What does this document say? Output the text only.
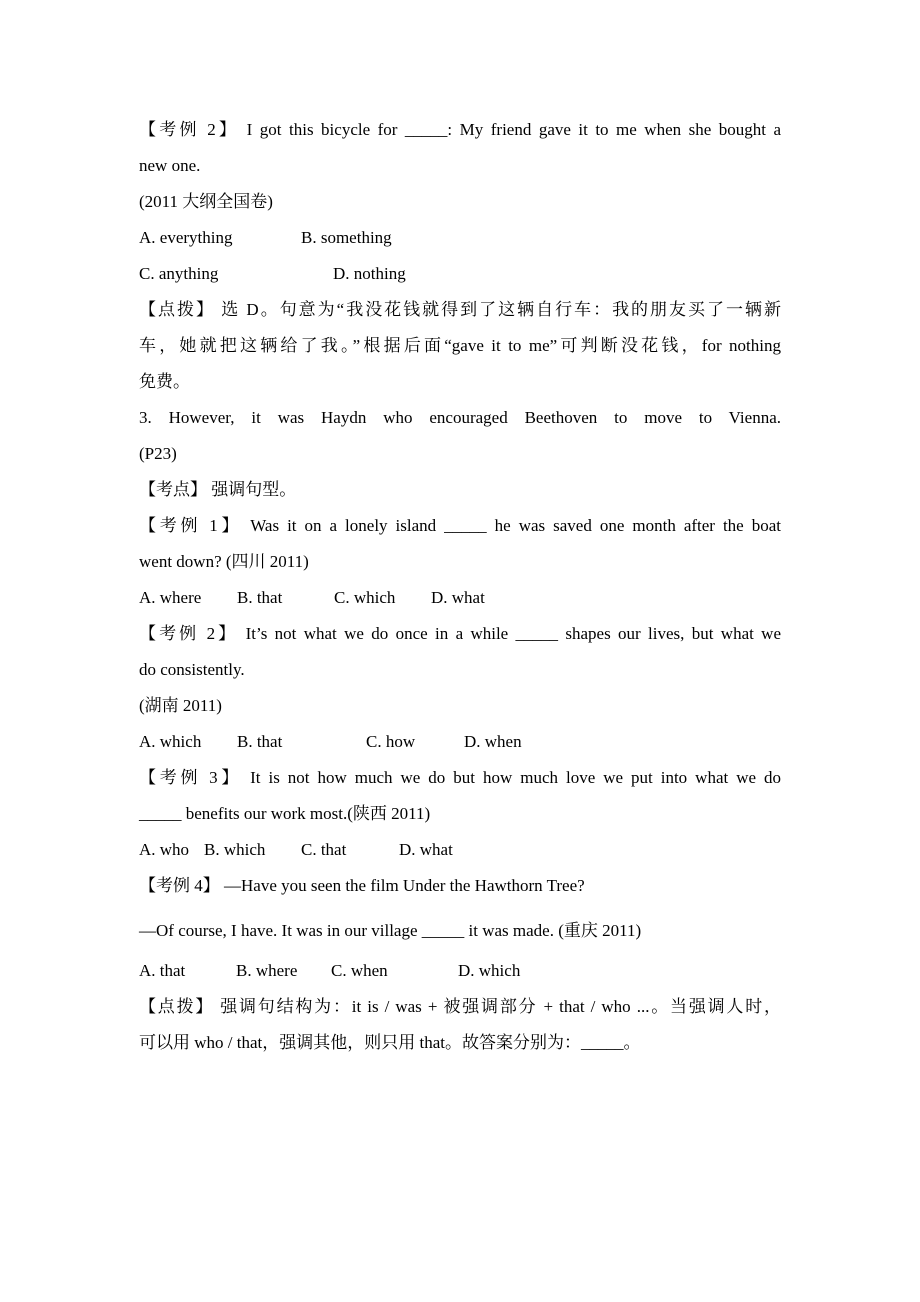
【考例 2】 I got this bicycle for _____: My friend gave it to me when she bought a
new one.
(2011 大纲全国卷)
A. everything	B. something
C. anything	D. nothing
【点拨】 选 D。句意为“我没花钱就得到了这辆自行车：我的朋友买了一辆新
车，她就把这辆给了我。”根据后面“gave it to me”可判断没花钱，for nothing
免费。
3. However, it was Haydn who encouraged Beethoven to move to Vienna.
(P23)
【考点】 强调句型。
【考例 1】 Was it on a lonely island _____ he was saved one month after the boat
went down? (四川 2011)
A. where B. that	C. which D. what
【考例 2】 It’s not what we do once in a while _____ shapes our lives, but what we
do consistently.
(湖南 2011)
A. which B. that	C. how	D. when
【考例 3】 It is not how much we do but how much love we put into what we do
_____ benefits our work most.(陕西 2011)
A. who B. which C. that	D. what
【考例 4】 —Have you seen the film Under the Hawthorn Tree?
—Of course, I have. It was in our village _____ it was made. (重庆 2011)
A. that	B. where C. when	D. which
【点拨】 强调句结构为：it is / was + 被强调部分 + that / who ...。当强调人时，
可以用 who / that，强调其他，则只用 that。故答案分别为：_____。
